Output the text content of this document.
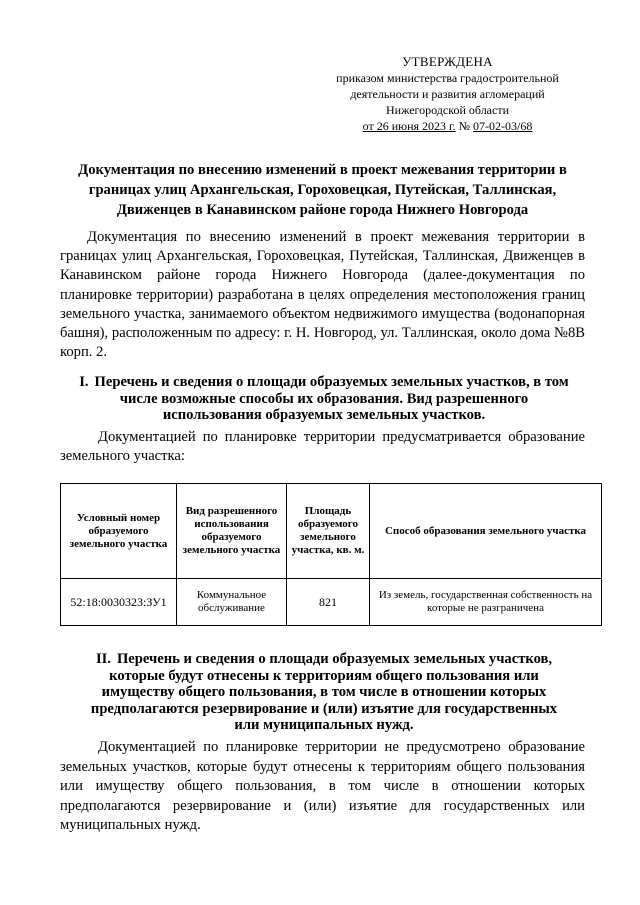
УТВЕРЖДЕНА
приказом министерства градостроительной
деятельности и развития агломераций
Нижегородской области
от 26 июня 2023 г. № 07-02-03/68
Документация по внесению изменений в проект межевания территории в
границах улиц Архангельская, Гороховецкая, Путейская, Таллинская,
Движенцев в Канавинском районе города Нижнего Новгорода

Документация по внесению изменений в проект межевания территории в границах улиц Архангельская, Гороховецкая, Путейская, Таллинская, Движенцев в Канавинском районе города Нижнего Новгорода (далее-документация по планировке территории) разработана в целях определения местоположения границ земельного участка, занимаемого объектом недвижимого имущества (водонапорная башня), расположенным по адресу: г. Н. Новгород, ул. Таллинская, около дома №8В корп. 2.

I. Перечень и сведения о площади образуемых земельных участков, в том
числе возможные способы их образования. Вид разрешенного
использования образуемых земельных участков.

Документацией по планировке территории предусматривается образование земельного участка:

Условный номер образуемого земельного участка	Вид разрешенного использования образуемого земельного участка	Площадь образуемого земельного участка, кв. м.	Способ образования земельного участка
52:18:0030323:ЗУ1	Коммунальное обслуживание	821	Из земель, государственная собственность на которые не разграничена
II. Перечень и сведения о площади образуемых земельных участков,
которые будут отнесены к территориям общего пользования или
имуществу общего пользования, в том числе в отношении которых
предполагаются резервирование и (или) изъятие для государственных
или муниципальных нужд.

Документацией по планировке территории не предусмотрено образование земельных участков, которые будут отнесены к территориям общего пользования или имуществу общего пользования, в том числе в отношении которых предполагаются резервирование и (или) изъятие для государственных или муниципальных нужд.
